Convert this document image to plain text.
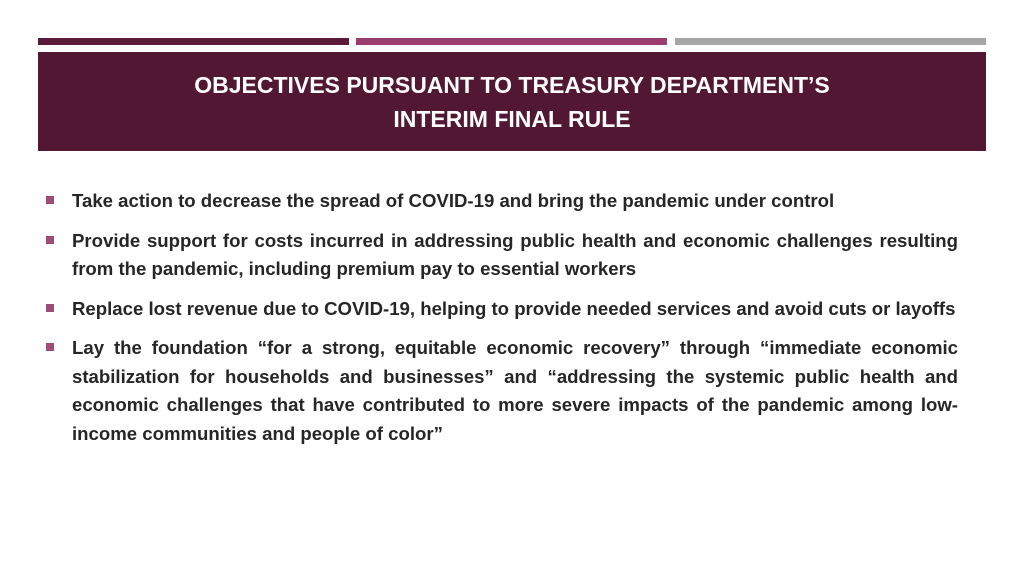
OBJECTIVES PURSUANT TO TREASURY DEPARTMENT’S
INTERIM FINAL RULE
Take action to decrease the spread of COVID-19 and bring the pandemic under control
Provide support for costs incurred in addressing public health and economic challenges resulting from the pandemic, including premium pay to essential workers
Replace lost revenue due to COVID-19, helping to provide needed services and avoid cuts or layoffs
Lay the foundation “for a strong, equitable economic recovery” through “immediate economic stabilization for households and businesses” and “addressing the systemic public health and economic challenges that have contributed to more severe impacts of the pandemic among low-income communities and people of color”
